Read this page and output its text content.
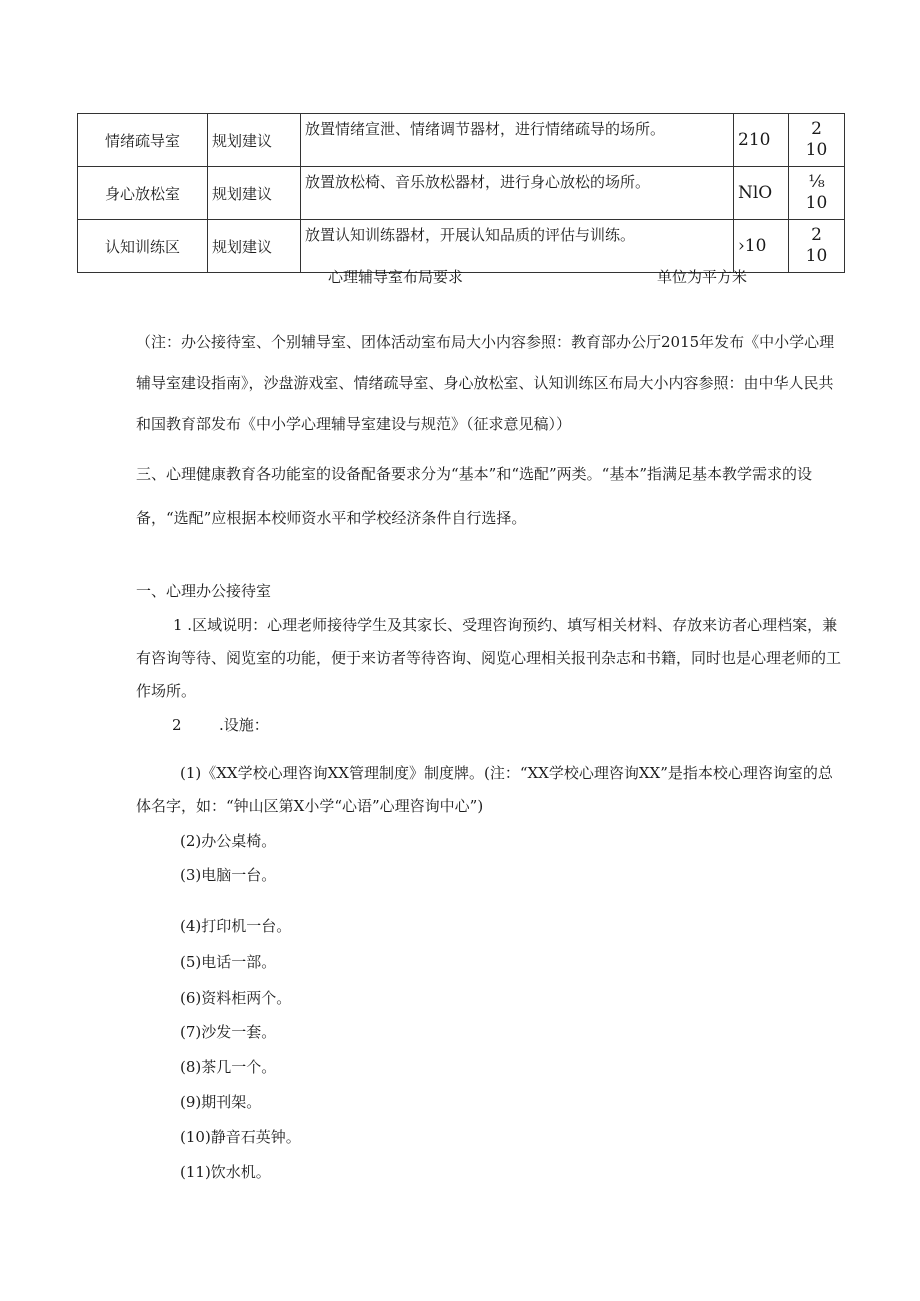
情绪疏导室	规划建议	放置情绪宣泄、情绪调节器材，进行情绪疏导的场所。	210	2
10

身心放松室	规划建议	放置放松椅、音乐放松器材，进行身心放松的场所。	NlO	⅛
10

认知训练区	规划建议	放置认知训练器材，开展认知品质的评估与训练。	›10	2
10
心理辅导室布局要求	单位为平方米
（注：办公接待室、个别辅导室、团体活动室布局大小内容参照：教育部办公厅2015年发布《中小学心理辅导室建设指南》，沙盘游戏室、情绪疏导室、身心放松室、认知训练区布局大小内容参照：由中华人民共和国教育部发布《中小学心理辅导室建设与规范》（征求意见稿））
三、心理健康教育各功能室的设备配备要求分为“基本”和“选配”两类。“基本”指满足基本教学需求的设备，“选配”应根据本校师资水平和学校经济条件自行选择。
一、心理办公接待室
1 .区域说明：心理老师接待学生及其家长、受理咨询预约、填写相关材料、存放来访者心理档案，兼有咨询等待、阅览室的功能，便于来访者等待咨询、阅览心理相关报刊杂志和书籍，同时也是心理老师的工作场所。
2 .设施：
(1)《XX学校心理咨询XX管理制度》制度牌。(注：“XX学校心理咨询XX”是指本校心理咨询室的总体名字，如：“钟山区第X小学“心语”心理咨询中心”)
(2)办公桌椅。
(3)电脑一台。
(4)打印机一台。
(5)电话一部。
(6)资料柜两个。
(7)沙发一套。
(8)茶几一个。
(9)期刊架。
(10)静音石英钟。
(11)饮水机。
